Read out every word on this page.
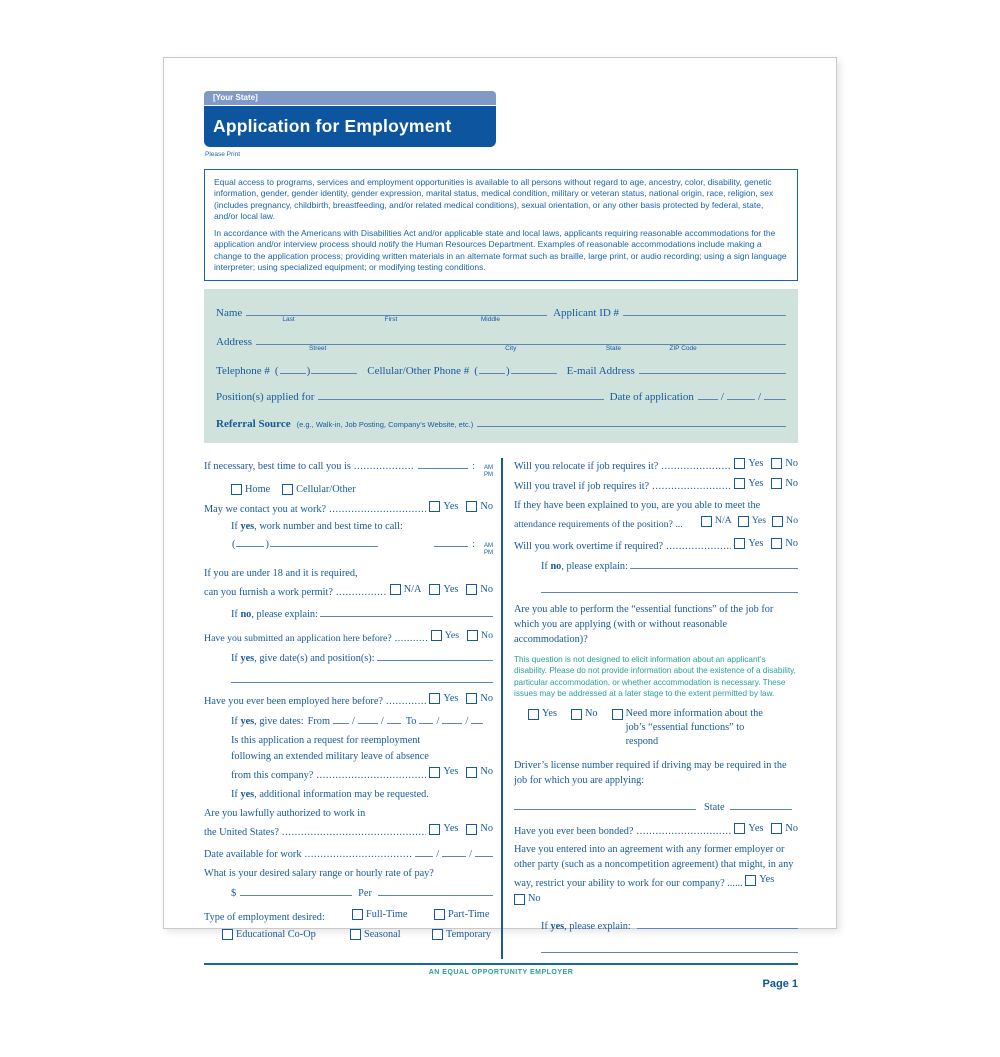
[Your State]
Application for Employment
Please Print

Equal access to programs, services and employment opportunities is available to all persons without regard to age, ancestry, color, disability, genetic information, gender, gender identity, gender expression, marital status, medical condition, military or veteran status, national origin, race, religion, sex (includes pregnancy, childbirth, breastfeeding, and/or related medical conditions), sexual orientation, or any other basis protected by federal, state, and/or local law.

In accordance with the Americans with Disabilities Act and/or applicable state and local laws, applicants requiring reasonable accommodations for the application and/or interview process should notify the Human Resources Department. Examples of reasonable accommodations include making a change to the application process; providing written materials in an alternate format such as braille, large print, or audio recording; using a sign language interpreter; using specialized equipment; or modifying testing conditions.

Name
Last	First	Middle
Applicant ID #
Address
Street	City	State	ZIP Code
Telephone # (	)	Cellular/Other Phone # (	)	E-mail Address
Position(s) applied for	Date of application	/	/
Referral Source (e.g., Walk-in, Job Posting, Company’s Website, etc.)
If necessary, best time to call you is .....	: AM
PM
Home	Cellular/Other
May we contact you at work? .....	Yes No
If yes, work number and best time to call:
(	)	: AM
PM
If you are under 18 and it is required,
can you furnish a work permit? .....	N/A Yes No
If no, please explain:
Have you submitted an application here before? .....	Yes No
If yes, give date(s) and position(s):
Have you ever been employed here before? .....	Yes No
If yes, give dates: From /	/	To /	/
Is this application a request for reemployment
following an extended military leave of absence
from this company? .....	Yes No
If yes, additional information may be requested.
Are you lawfully authorized to work in
the United States? .....	Yes No
Date available for work .....	/	/
What is your desired salary range or hourly rate of pay?
$	Per
Type of employment desired:	Full-Time	Part-Time
Educational Co-Op	Seasonal	Temporary
Will you relocate if job requires it? .....	Yes No
Will you travel if job requires it? .....	Yes No
If they have been explained to you, are you able to meet the
attendance requirements of the position? ...	N/A Yes No
Will you work overtime if required? .....	Yes No
If no, please explain:
Are you able to perform the “essential functions” of the job for which you are applying (with or without reasonable accommodation)?
This question is not designed to elicit information about an applicant’s disability. Please do not provide information about the existence of a disability, particular accommodation, or whether accommodation is necessary. These issues may be addressed at a later stage to the extent permitted by law.
Yes	No	Need more information about the job’s “essential functions” to respond
Driver’s license number required if driving may be required in the job for which you are applying:
State
Have you ever been bonded? .....	Yes No
Have you entered into an agreement with any former employer or other party (such as a noncompetition agreement) that might, in any way, restrict your ability to work for our company? ...... Yes

No
If yes, please explain:
AN EQUAL OPPORTUNITY EMPLOYER
Page 1
